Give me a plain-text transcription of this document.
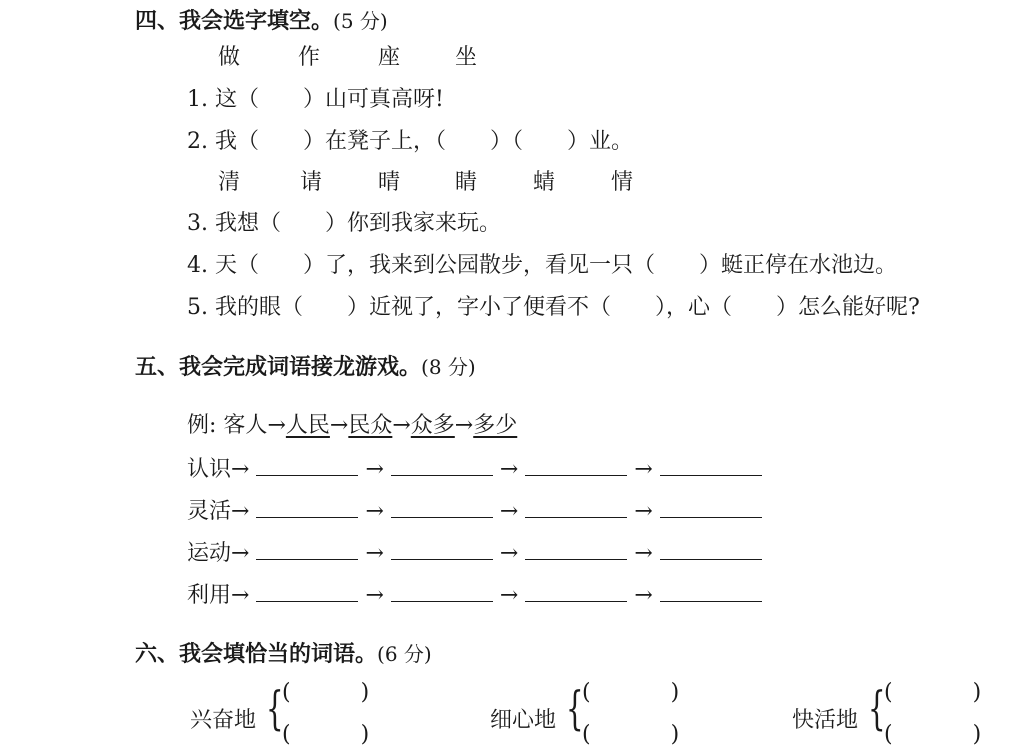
四、我会选字填空。(5 分)
做	作	座 坐
1. 这（　　）山可真高呀!
2. 我（　　）在凳子上，（　　）（　　）业。
清	请	晴 睛	蜻	情
3. 我想（　　）你到我家来玩。
4. 天（　　）了，我来到公园散步，看见一只（　　）蜓正停在水池边。
5. 我的眼（　　）近视了，字小了便看不（　　），心（　　）怎么能好呢?
五、我会完成词语接龙游戏。(8 分)
例: 客人→人民→民众→众多→多少
认识→	→	→	→
灵活→	→	→	→
运动→	→	→	→
利用→	→	→	→
六、我会填恰当的词语。(6 分)
兴奋地 {
(	)
(	)
细心地 {
(	)
(	)
快活地 {
(	)
(	)
